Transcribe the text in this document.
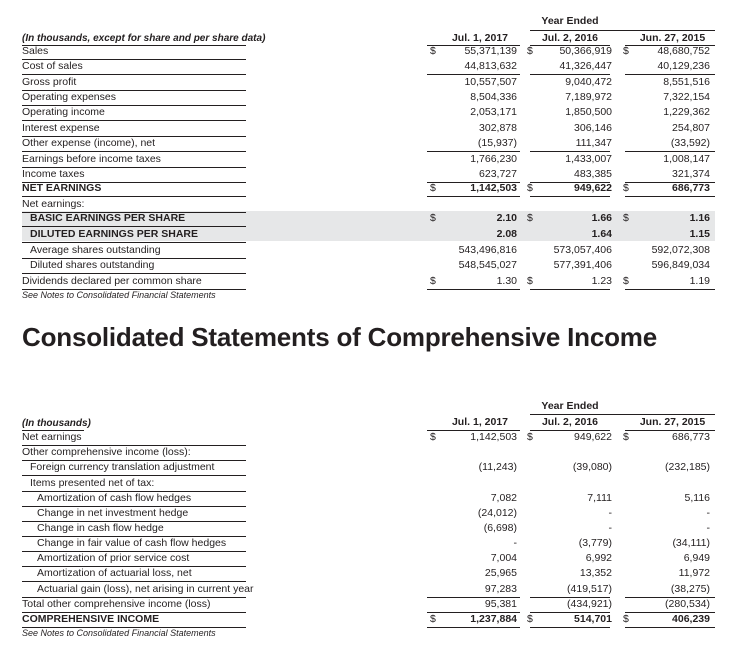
Year Ended
(In thousands, except for share and per share data)	Jul. 1, 2017	Jul. 2, 2016	Jun. 27, 2015
Sales	$	55,371,139 $	50,366,919 $	48,680,752
Cost of sales	44,813,632	41,326,447	40,129,236
Gross profit	10,557,507	9,040,472	8,551,516
Operating expenses	8,504,336	7,189,972	7,322,154
Operating income	2,053,171	1,850,500	1,229,362
Interest expense	302,878	306,146	254,807
Other expense (income), net	(15,937)	111,347	(33,592)
Earnings before income taxes	1,766,230	1,433,007	1,008,147
Income taxes	623,727	483,385	321,374
NET EARNINGS	$	1,142,503 $	949,622 $	686,773
Net earnings:
BASIC EARNINGS PER SHARE	$	2.10 $	1.66 $	1.16
DILUTED EARNINGS PER SHARE	2.08	1.64	1.15
Average shares outstanding	543,496,816	573,057,406	592,072,308
Diluted shares outstanding	548,545,027	577,391,406	596,849,034
Dividends declared per common share	$	1.30 $	1.23 $	1.19
See Notes to Consolidated Financial Statements
Consolidated Statements of Comprehensive Income
Year Ended
(In thousands)	Jul. 1, 2017	Jul. 2, 2016	Jun. 27, 2015
Net earnings	$	1,142,503 $	949,622 $	686,773
Other comprehensive income (loss):
Foreign currency translation adjustment	(11,243)	(39,080)	(232,185)
Items presented net of tax:
Amortization of cash flow hedges	7,082	7,111	5,116
Change in net investment hedge	(24,012)	-	-
Change in cash flow hedge	(6,698)	-	-
Change in fair value of cash flow hedges	-	(3,779)	(34,111)
Amortization of prior service cost	7,004	6,992	6,949
Amortization of actuarial loss, net	25,965	13,352	11,972
Actuarial gain (loss), net arising in current year	97,283	(419,517)	(38,275)
Total other comprehensive income (loss)	95,381	(434,921)	(280,534)
COMPREHENSIVE INCOME	$	1,237,884 $	514,701 $	406,239
See Notes to Consolidated Financial Statements
